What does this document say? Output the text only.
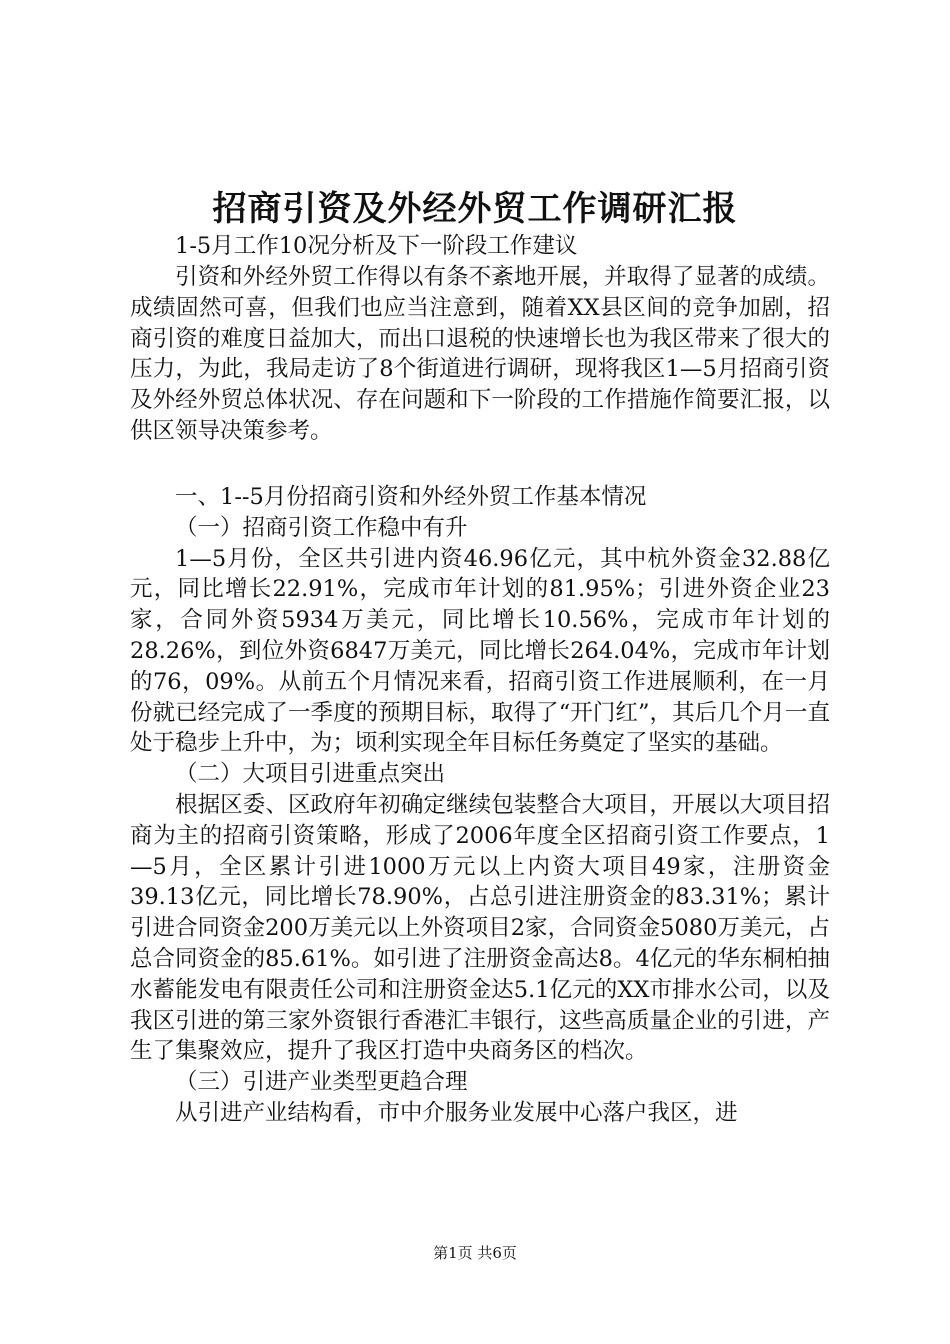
招商引资及外经外贸工作调研汇报
1-5月工作10况分析及下一阶段工作建议

引资和外经外贸工作得以有条不紊地开展，并取得了显著的成绩。成绩固然可喜，但我们也应当注意到，随着XX县区间的竞争加剧，招商引资的难度日益加大，而出口退税的快速增长也为我区带来了很大的压力，为此，我局走访了8个街道进行调研，现将我区1—5月招商引资及外经外贸总体状况、存在问题和下一阶段的工作措施作简要汇报，以供区领导决策参考。

一、1--5月份招商引资和外经外贸工作基本情况

（一）招商引资工作稳中有升

1—5月份，全区共引进内资46.96亿元，其中杭外资金32.88亿元，同比增长22.91%，完成市年计划的81.95%；引进外资企业23家，合同外资5934万美元，同比增长10.56%，完成市年计划的28.26%，到位外资6847万美元，同比增长264.04%，完成市年计划的76，09%。从前五个月情况来看，招商引资工作进展顺利，在一月份就已经完成了一季度的预期目标，取得了“开门红”，其后几个月一直处于稳步上升中，为；顷利实现全年目标任务奠定了坚实的基础。

（二）大项目引进重点突出

根据区委、区政府年初确定继续包装整合大项目，开展以大项目招商为主的招商引资策略，形成了2006年度全区招商引资工作要点，1—5月，全区累计引进1000万元以上内资大项目49家，注册资金39.13亿元，同比增长78.90%，占总引进注册资金的83.31%；累计引进合同资金200万美元以上外资项目2家，合同资金5080万美元，占总合同资金的85.61%。如引进了注册资金高达8。4亿元的华东桐柏抽水蓄能发电有限责任公司和注册资金达5.1亿元的XX市排水公司，以及我区引进的第三家外资银行香港汇丰银行，这些高质量企业的引进，产生了集聚效应，提升了我区打造中央商务区的档次。

（三）引进产业类型更趋合理

从引进产业结构看，市中介服务业发展中心落户我区，进

第1页 共6页
